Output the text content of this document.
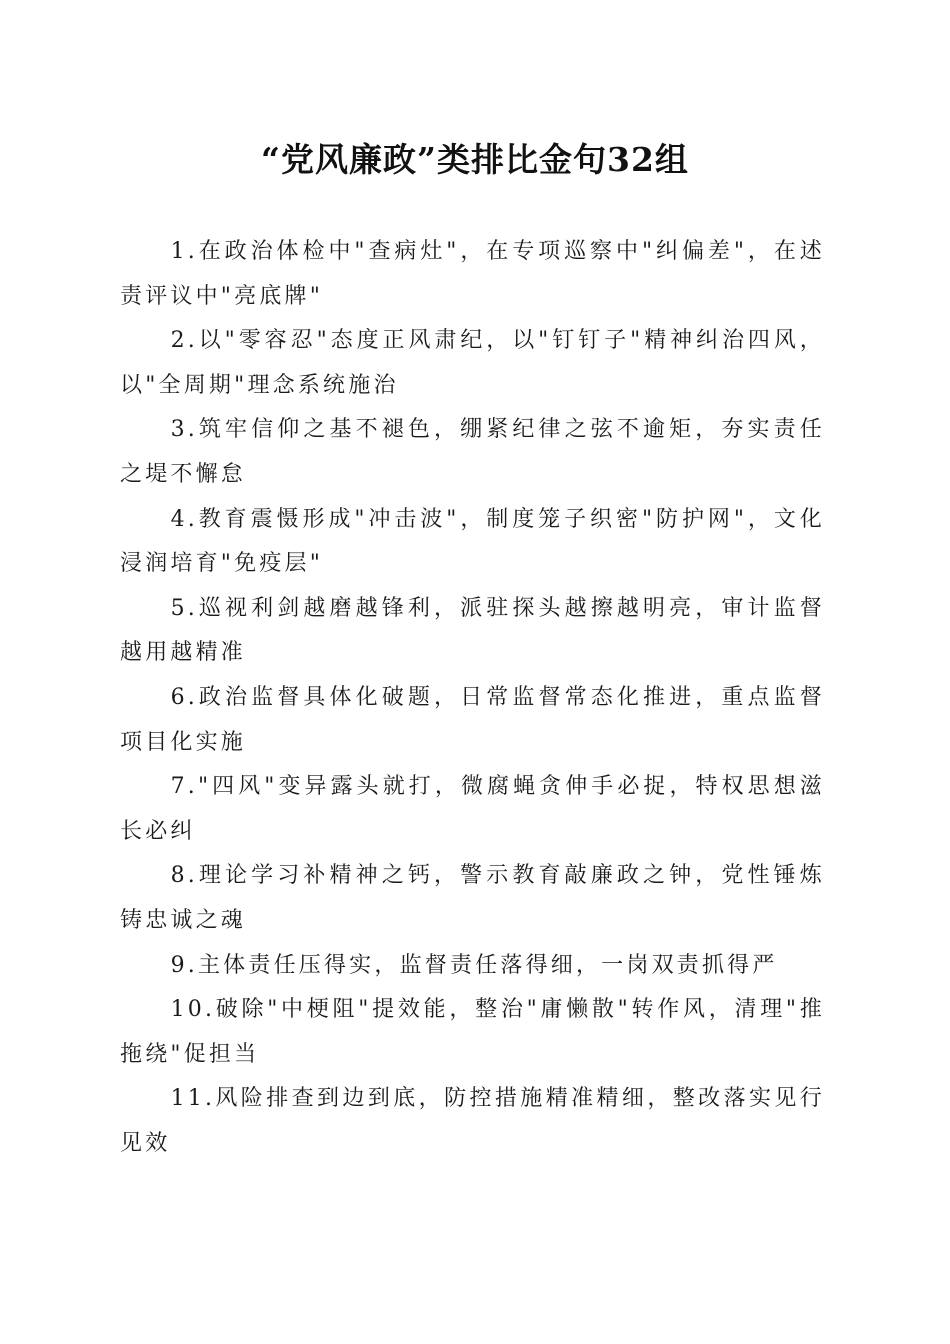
“党风廉政”类排比金句32组

1.在政治体检中"查病灶"，在专项巡察中"纠偏差"，在述责评议中"亮底牌"

2.以"零容忍"态度正风肃纪，以"钉钉子"精神纠治四风，以"全周期"理念系统施治

3.筑牢信仰之基不褪色，绷紧纪律之弦不逾矩，夯实责任之堤不懈怠

4.教育震慑形成"冲击波"，制度笼子织密"防护网"，文化浸润培育"免疫层"

5.巡视利剑越磨越锋利，派驻探头越擦越明亮，审计监督越用越精准

6.政治监督具体化破题，日常监督常态化推进，重点监督项目化实施

7."四风"变异露头就打，微腐蝇贪伸手必捉，特权思想滋长必纠

8.理论学习补精神之钙，警示教育敲廉政之钟，党性锤炼铸忠诚之魂

9.主体责任压得实，监督责任落得细，一岗双责抓得严

10.破除"中梗阻"提效能，整治"庸懒散"转作风，清理"推拖绕"促担当

11.风险排查到边到底，防控措施精准精细，整改落实见行见效
